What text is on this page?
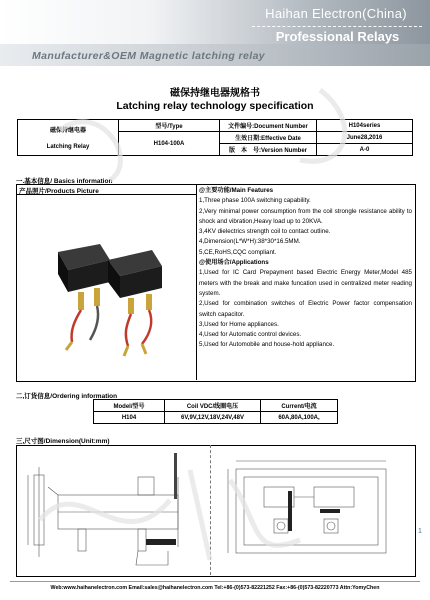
Haihan Electron(China)
Professional Relays
Manufacturer&OEM Magnetic latching relay
磁保持继电器规格书
Latching relay technology specification
磁保持继电器
Latching Relay	型号/Type	文件编号:Document Number	H104series
	H104-100A	生效日期:Effective Date	June28,2016
		版　本　号:Version Number	A-0
一.基本信息/ Basics information
产品照片/Products Picture	@主要功能/Main Features

1,Three phase 100A switching capability.

2,Very minimal power consumption from the coil strongle resistance ability to shock and vibration,Heavy load up to 20KVA.

3,4KV dielectrics strength coil to contact outline.

4,Dimension(L*W*H):38*30*16.5MM.

5,CE,RoHS,CQC compliant.

@使用场合/Applications

1,Used for IC Card Prepayment based Electric Energy Meter,Model 485 meters with the break and make funcation used in centralized meter reading system.

2,Used for combination switches of Electric Power factor compensation switch capacitor.

3,Used for Home appliances.

4,Used for Automatic control devices.

5,Used for Automobile and house-hold appliance.

二,订货信息/Ordering information
Model/型号	Coil VDC/线圈电压	Current/电流
H104	6V,9V,12V,18V,24V,48V	60A,80A,100A,
三,尺寸图/Dimension(Unit:mm)
1
Web:www.haihanelectron.com Email:sales@haihanelectron.com Tel:+86-(0)573-82221252 Fax:+86-(0)573-82220773 Attn:YomyChen
